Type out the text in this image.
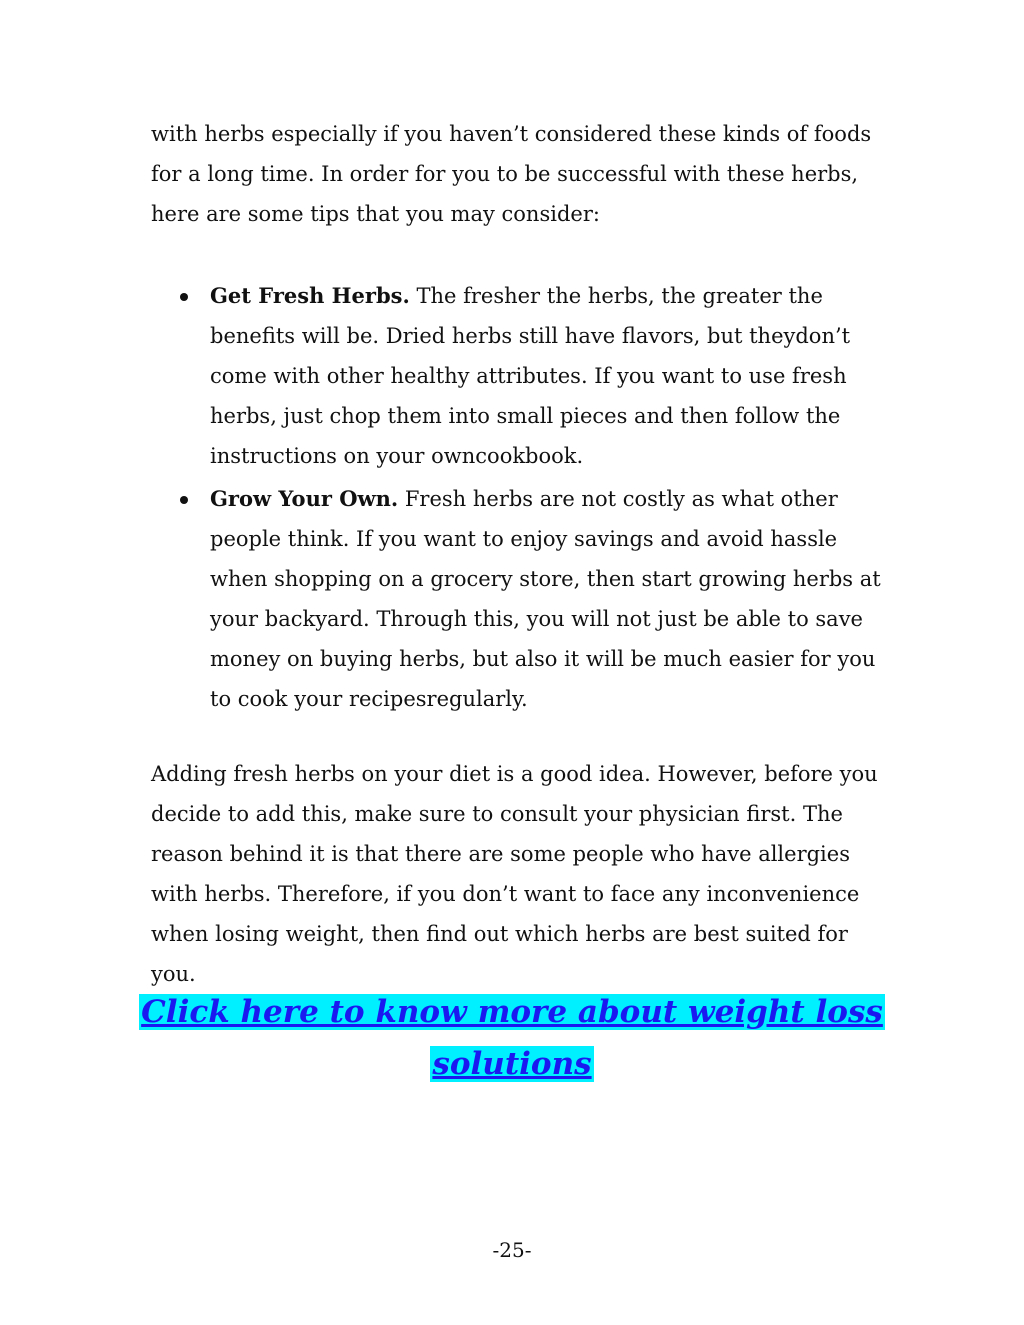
with herbs especially if you haven’t considered these kinds of foods for a long time. In order for you to be successful with these herbs, here are some tips that you may consider:

Get Fresh Herbs. The fresher the herbs, the greater the benefits will be. Dried herbs still have flavors, but theydon’t come with other healthy attributes. If you want to use fresh herbs, just chop them into small pieces and then follow the instructions on your owncookbook.
Grow Your Own. Fresh herbs are not costly as what other people think. If you want to enjoy savings and avoid hassle when shopping on a grocery store, then start growing herbs at your backyard. Through this, you will not just be able to save money on buying herbs, but also it will be much easier for you to cook your recipesregularly.

Adding fresh herbs on your diet is a good idea. However, before you decide to add this, make sure to consult your physician first. The reason behind it is that there are some people who have allergies with herbs. Therefore, if you don’t want to face any inconvenience when losing weight, then find out which herbs are best suited for you.

Click here to know more about weight loss
solutions

-25-
